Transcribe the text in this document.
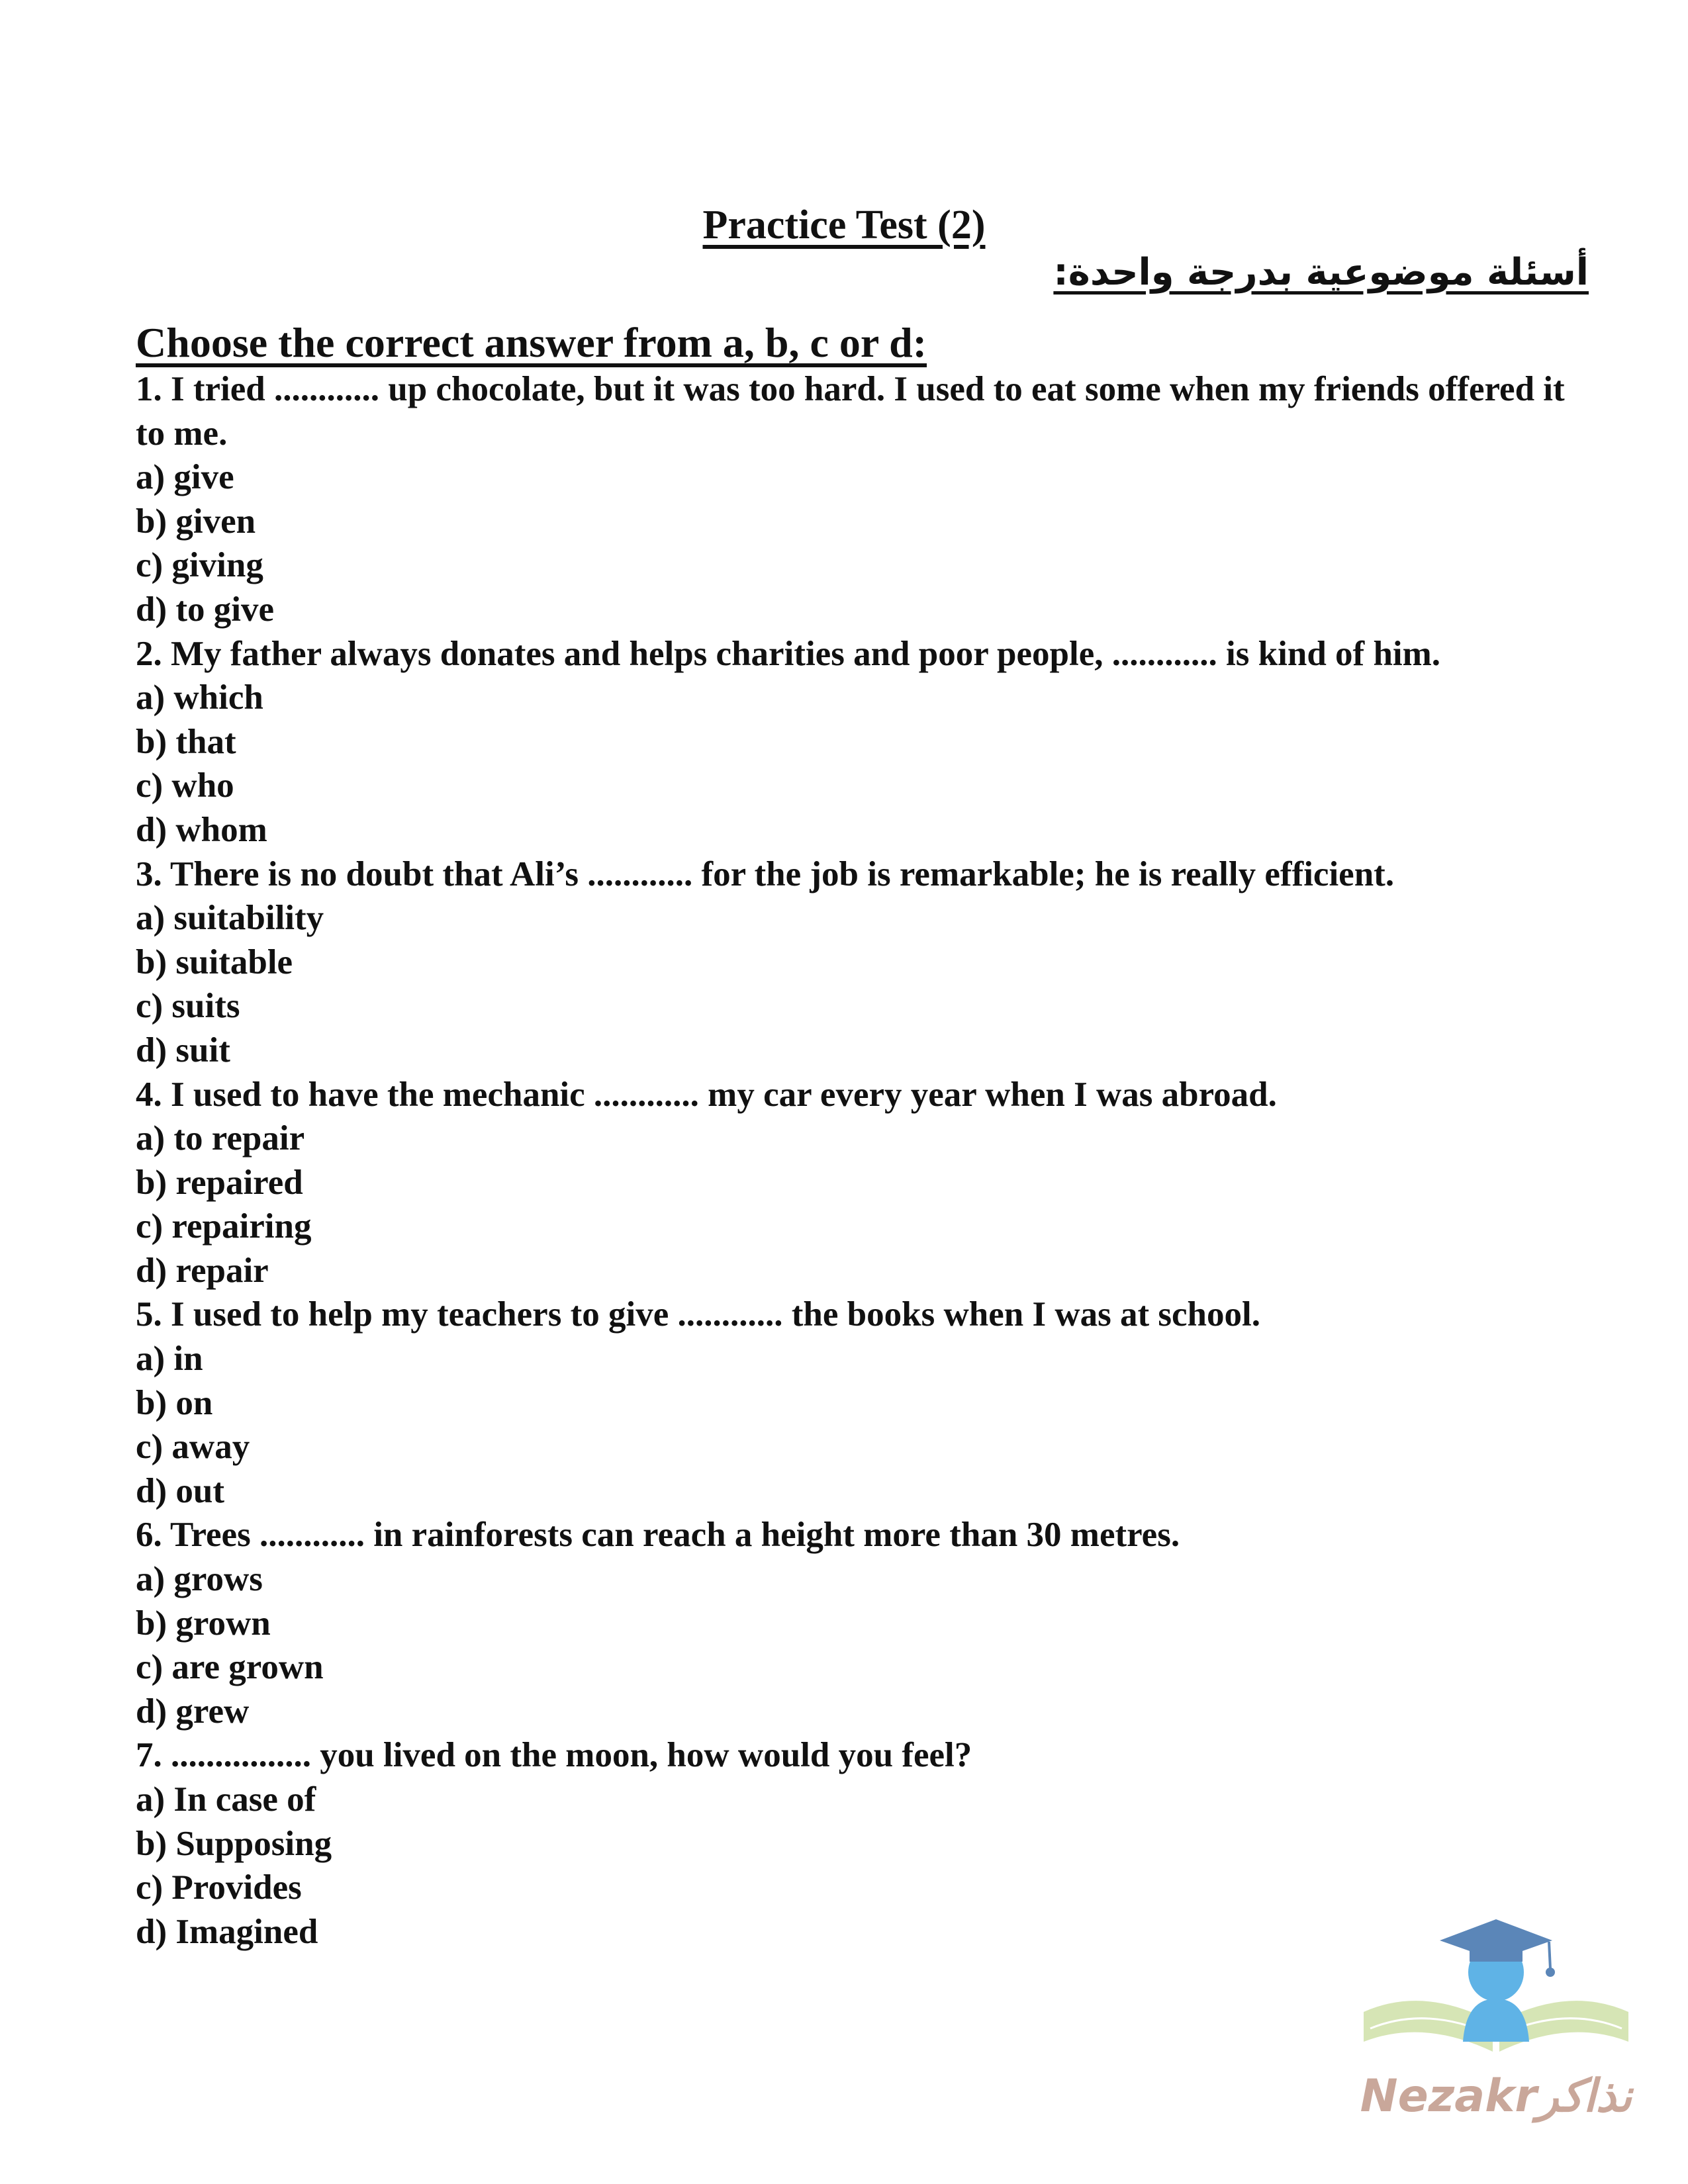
Practice Test (2)

أسئلة موضوعية بدرجة واحدة:

Choose the correct answer from a, b, c or d:

1. I tried ............ up chocolate, but it was too hard. I used to eat some when my friends offered it to me.

a) give

b) given

c) giving

d) to give

2. My father always donates and helps charities and poor people, ............ is kind of him.

a) which

b) that

c) who

d) whom

3. There is no doubt that Ali’s ............ for the job is remarkable; he is really efficient.

a) suitability

b) suitable

c) suits

d) suit

4. I used to have the mechanic ............ my car every year when I was abroad.

a) to repair

b) repaired

c) repairing

d) repair

5. I used to help my teachers to give ............ the books when I was at school.

a) in

b) on

c) away

d) out

6. Trees ............ in rainforests can reach a height more than 30 metres.

a) grows

b) grown

c) are grown

d) grew

7. ................ you lived on the moon, how would you feel?

a) In case of

b) Supposing

c) Provides

d) Imagined

Nezakrنذاكر
